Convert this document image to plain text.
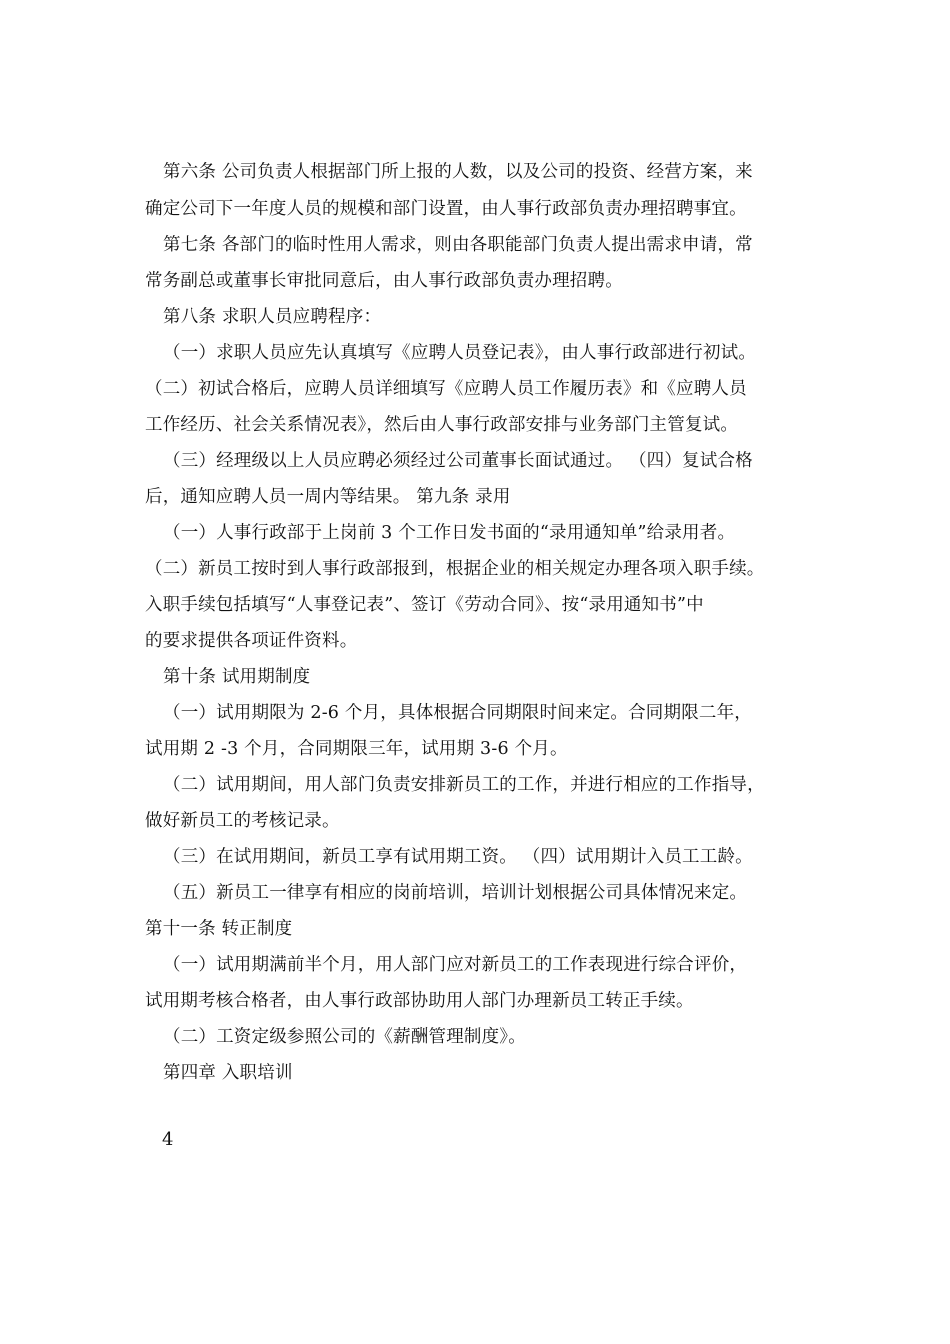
第六条 公司负责人根据部门所上报的人数，以及公司的投资、经营方案，来
确定公司下一年度人员的规模和部门设置，由人事行政部负责办理招聘事宜。
第七条 各部门的临时性用人需求，则由各职能部门负责人提出需求申请，常
常务副总或董事长审批同意后，由人事行政部负责办理招聘。
第八条 求职人员应聘程序：
（一）求职人员应先认真填写《应聘人员登记表》，由人事行政部进行初试。
（二）初试合格后，应聘人员详细填写《应聘人员工作履历表》和《应聘人员
工作经历、社会关系情况表》，然后由人事行政部安排与业务部门主管复试。
（三）经理级以上人员应聘必须经过公司董事长面试通过。 （四）复试合格
后，通知应聘人员一周内等结果。 第九条 录用
（一）人事行政部于上岗前 3 个工作日发书面的“录用通知单”给录用者。
（二）新员工按时到人事行政部报到，根据企业的相关规定办理各项入职手续。
入职手续包括填写“人事登记表”、签订《劳动合同》、按“录用通知书”中
的要求提供各项证件资料。
第十条 试用期制度
（一）试用期限为 2-6 个月，具体根据合同期限时间来定。合同期限二年，
试用期 2 -3 个月，合同期限三年，试用期 3-6 个月。
（二）试用期间，用人部门负责安排新员工的工作，并进行相应的工作指导，
做好新员工的考核记录。
（三）在试用期间，新员工享有试用期工资。 （四）试用期计入员工工龄。
（五）新员工一律享有相应的岗前培训，培训计划根据公司具体情况来定。
第十一条 转正制度
（一）试用期满前半个月，用人部门应对新员工的工作表现进行综合评价，
试用期考核合格者，由人事行政部协助用人部门办理新员工转正手续。
（二）工资定级参照公司的《薪酬管理制度》。
第四章 入职培训
4
